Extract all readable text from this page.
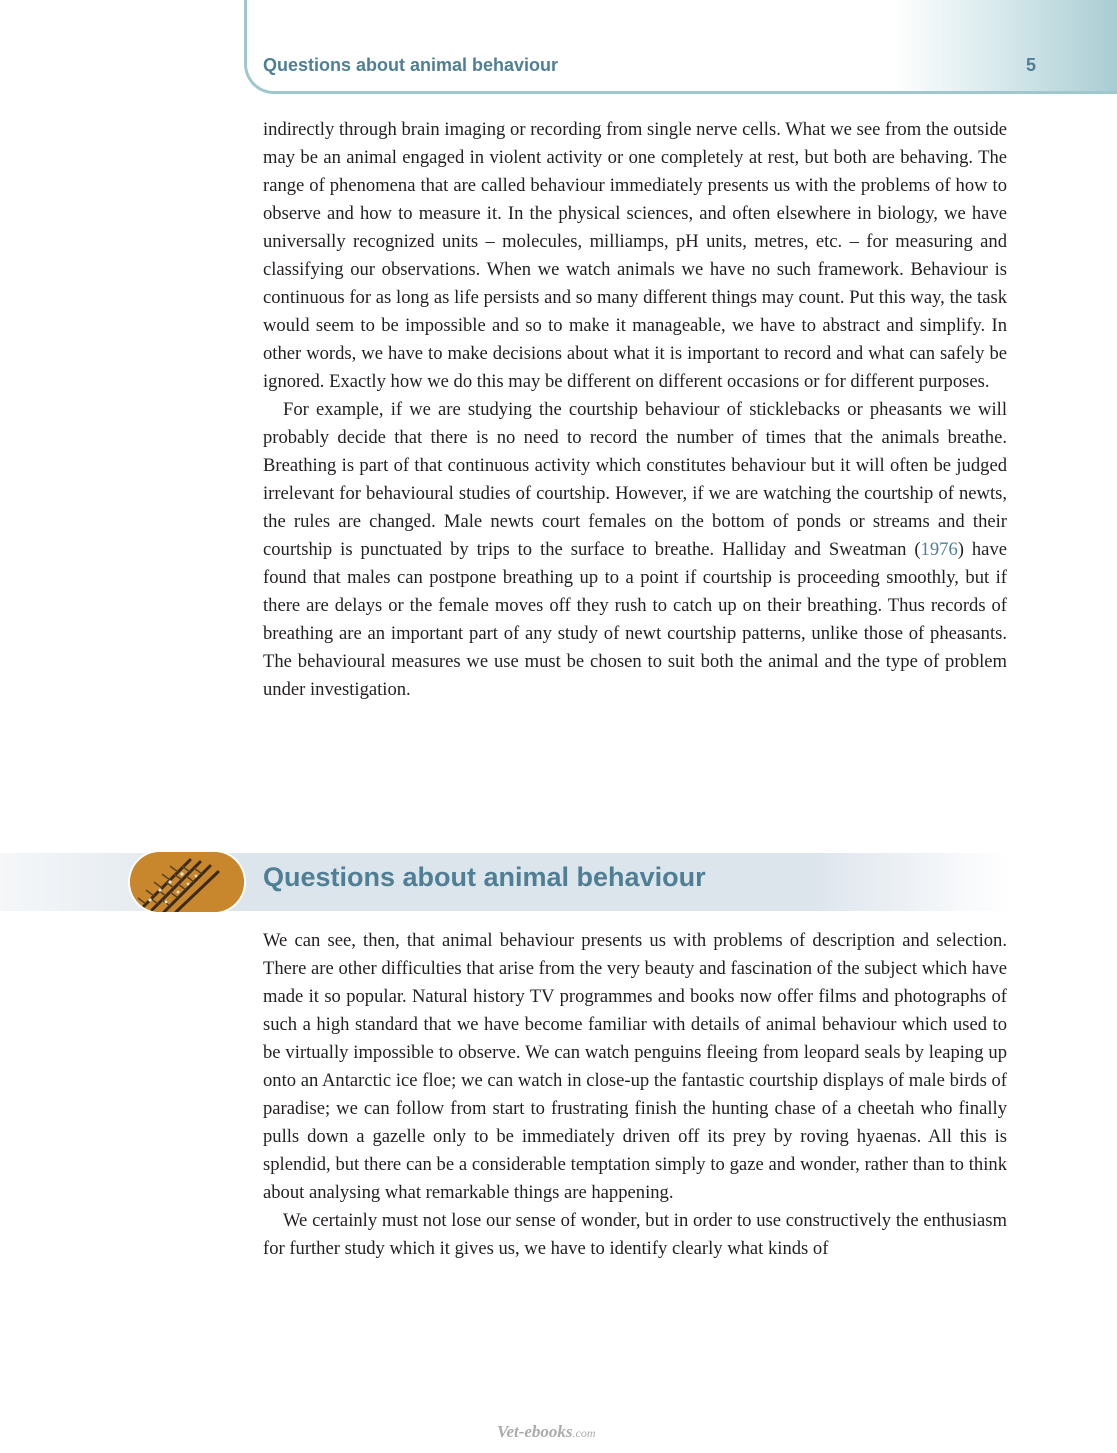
Questions about animal behaviour	5

indirectly through brain imaging or recording from single nerve cells. What we see from the outside may be an animal engaged in violent activity or one completely at rest, but both are behaving. The range of phenomena that are called behaviour immediately presents us with the problems of how to observe and how to measure it. In the physical sciences, and often elsewhere in biology, we have universally recognized units – molecules, milliamps, pH units, metres, etc. – for measuring and classifying our observations. When we watch animals we have no such framework. Behaviour is continuous for as long as life persists and so many different things may count. Put this way, the task would seem to be impossible and so to make it manageable, we have to abstract and simplify. In other words, we have to make decisions about what it is important to record and what can safely be ignored. Exactly how we do this may be different on different occasions or for different purposes.

For example, if we are studying the courtship behaviour of sticklebacks or pheasants we will probably decide that there is no need to record the number of times that the animals breathe. Breathing is part of that continuous activity which constitutes behaviour but it will often be judged irrelevant for behavioural studies of courtship. However, if we are watching the courtship of newts, the rules are changed. Male newts court females on the bottom of ponds or streams and their courtship is punctuated by trips to the surface to breathe. Halliday and Sweatman (1976) have found that males can postpone breathing up to a point if courtship is proceeding smoothly, but if there are delays or the female moves off they rush to catch up on their breathing. Thus records of breathing are an important part of any study of newt courtship patterns, unlike those of pheasants. The behavioural measures we use must be chosen to suit both the animal and the type of problem under investigation.

Questions about animal behaviour

We can see, then, that animal behaviour presents us with problems of description and selection. There are other difficulties that arise from the very beauty and fascination of the subject which have made it so popular. Natural history TV programmes and books now offer films and photographs of such a high standard that we have become familiar with details of animal behaviour which used to be virtually impossible to observe. We can watch penguins fleeing from leopard seals by leaping up onto an Antarctic ice floe; we can watch in close-up the fantastic courtship displays of male birds of paradise; we can follow from start to frustrating finish the hunting chase of a cheetah who finally pulls down a gazelle only to be immediately driven off its prey by roving hyaenas. All this is splendid, but there can be a considerable temptation simply to gaze and wonder, rather than to think about analysing what remarkable things are happening.

We certainly must not lose our sense of wonder, but in order to use constructively the enthusiasm for further study which it gives us, we have to identify clearly what kinds of

Vet-ebooks.com
